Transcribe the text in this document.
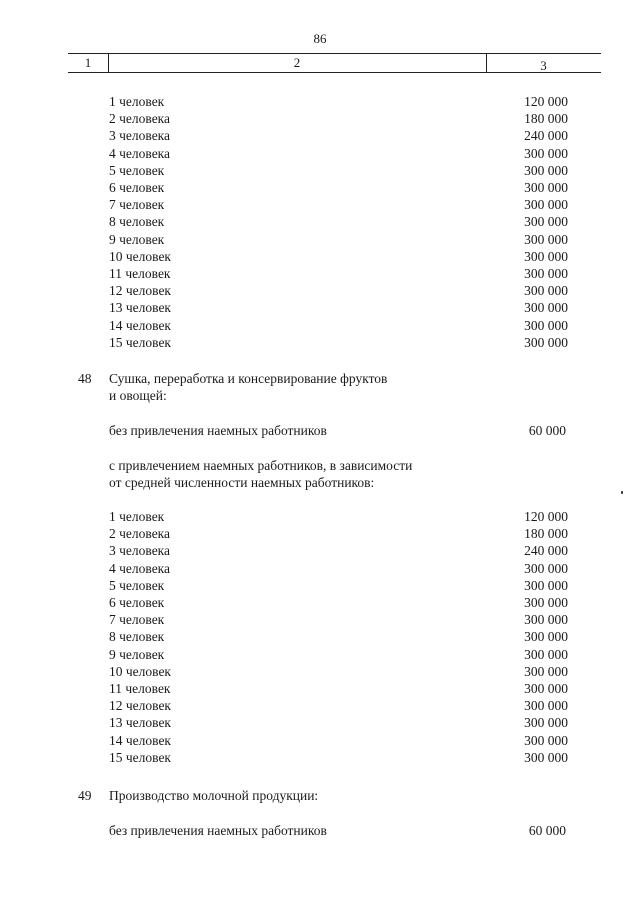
86
1	2	3
1 человек	120 000
2 человека	180 000
3 человека	240 000
4 человека	300 000
5 человек	300 000
6 человек	300 000
7 человек	300 000
8 человек	300 000
9 человек	300 000
10 человек	300 000
11 человек	300 000
12 человек	300 000
13 человек	300 000
14 человек	300 000
15 человек	300 000
48 Сушка, переработка и консервирование фруктов
и овощей:
без привлечения наемных работников	60 000
с привлечением наемных работников, в зависимости
от средней численности наемных работников:
1 человек	120 000
2 человека	180 000
3 человека	240 000
4 человека	300 000
5 человек	300 000
6 человек	300 000
7 человек	300 000
8 человек	300 000
9 человек	300 000
10 человек	300 000
11 человек	300 000
12 человек	300 000
13 человек	300 000
14 человек	300 000
15 человек	300 000
49 Производство молочной продукции:
без привлечения наемных работников	60 000
